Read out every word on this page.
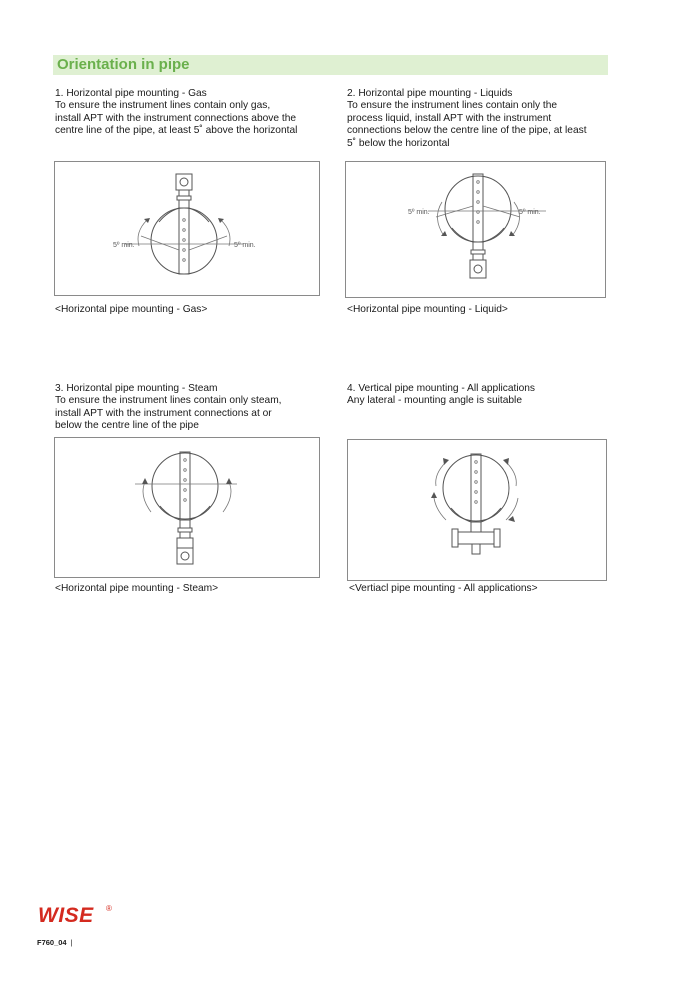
Orientation in pipe
1. Horizontal pipe mounting - Gas
To ensure the instrument lines contain only gas,
install APT with the instrument connections above the
centre line of the pipe, at least 5˚ above the horizontal
2. Horizontal pipe mounting - Liquids
To ensure the instrument lines contain only the
process liquid, install APT with the instrument
connections below the centre line of the pipe, at least
5˚ below the horizontal
5º min.	5º min.
5º min.	5º min.
<Horizontal pipe mounting - Gas>	<Horizontal pipe mounting - Liquid>
3. Horizontal pipe mounting - Steam
To ensure the instrument lines contain only steam,
install APT with the instrument connections at or
below the centre line of the pipe
4. Vertical pipe mounting - All applications
Any lateral - mounting angle is suitable
<Horizontal pipe mounting - Steam>	<Vertiacl pipe mounting - All applications>
WISE ®
F760_04 |
